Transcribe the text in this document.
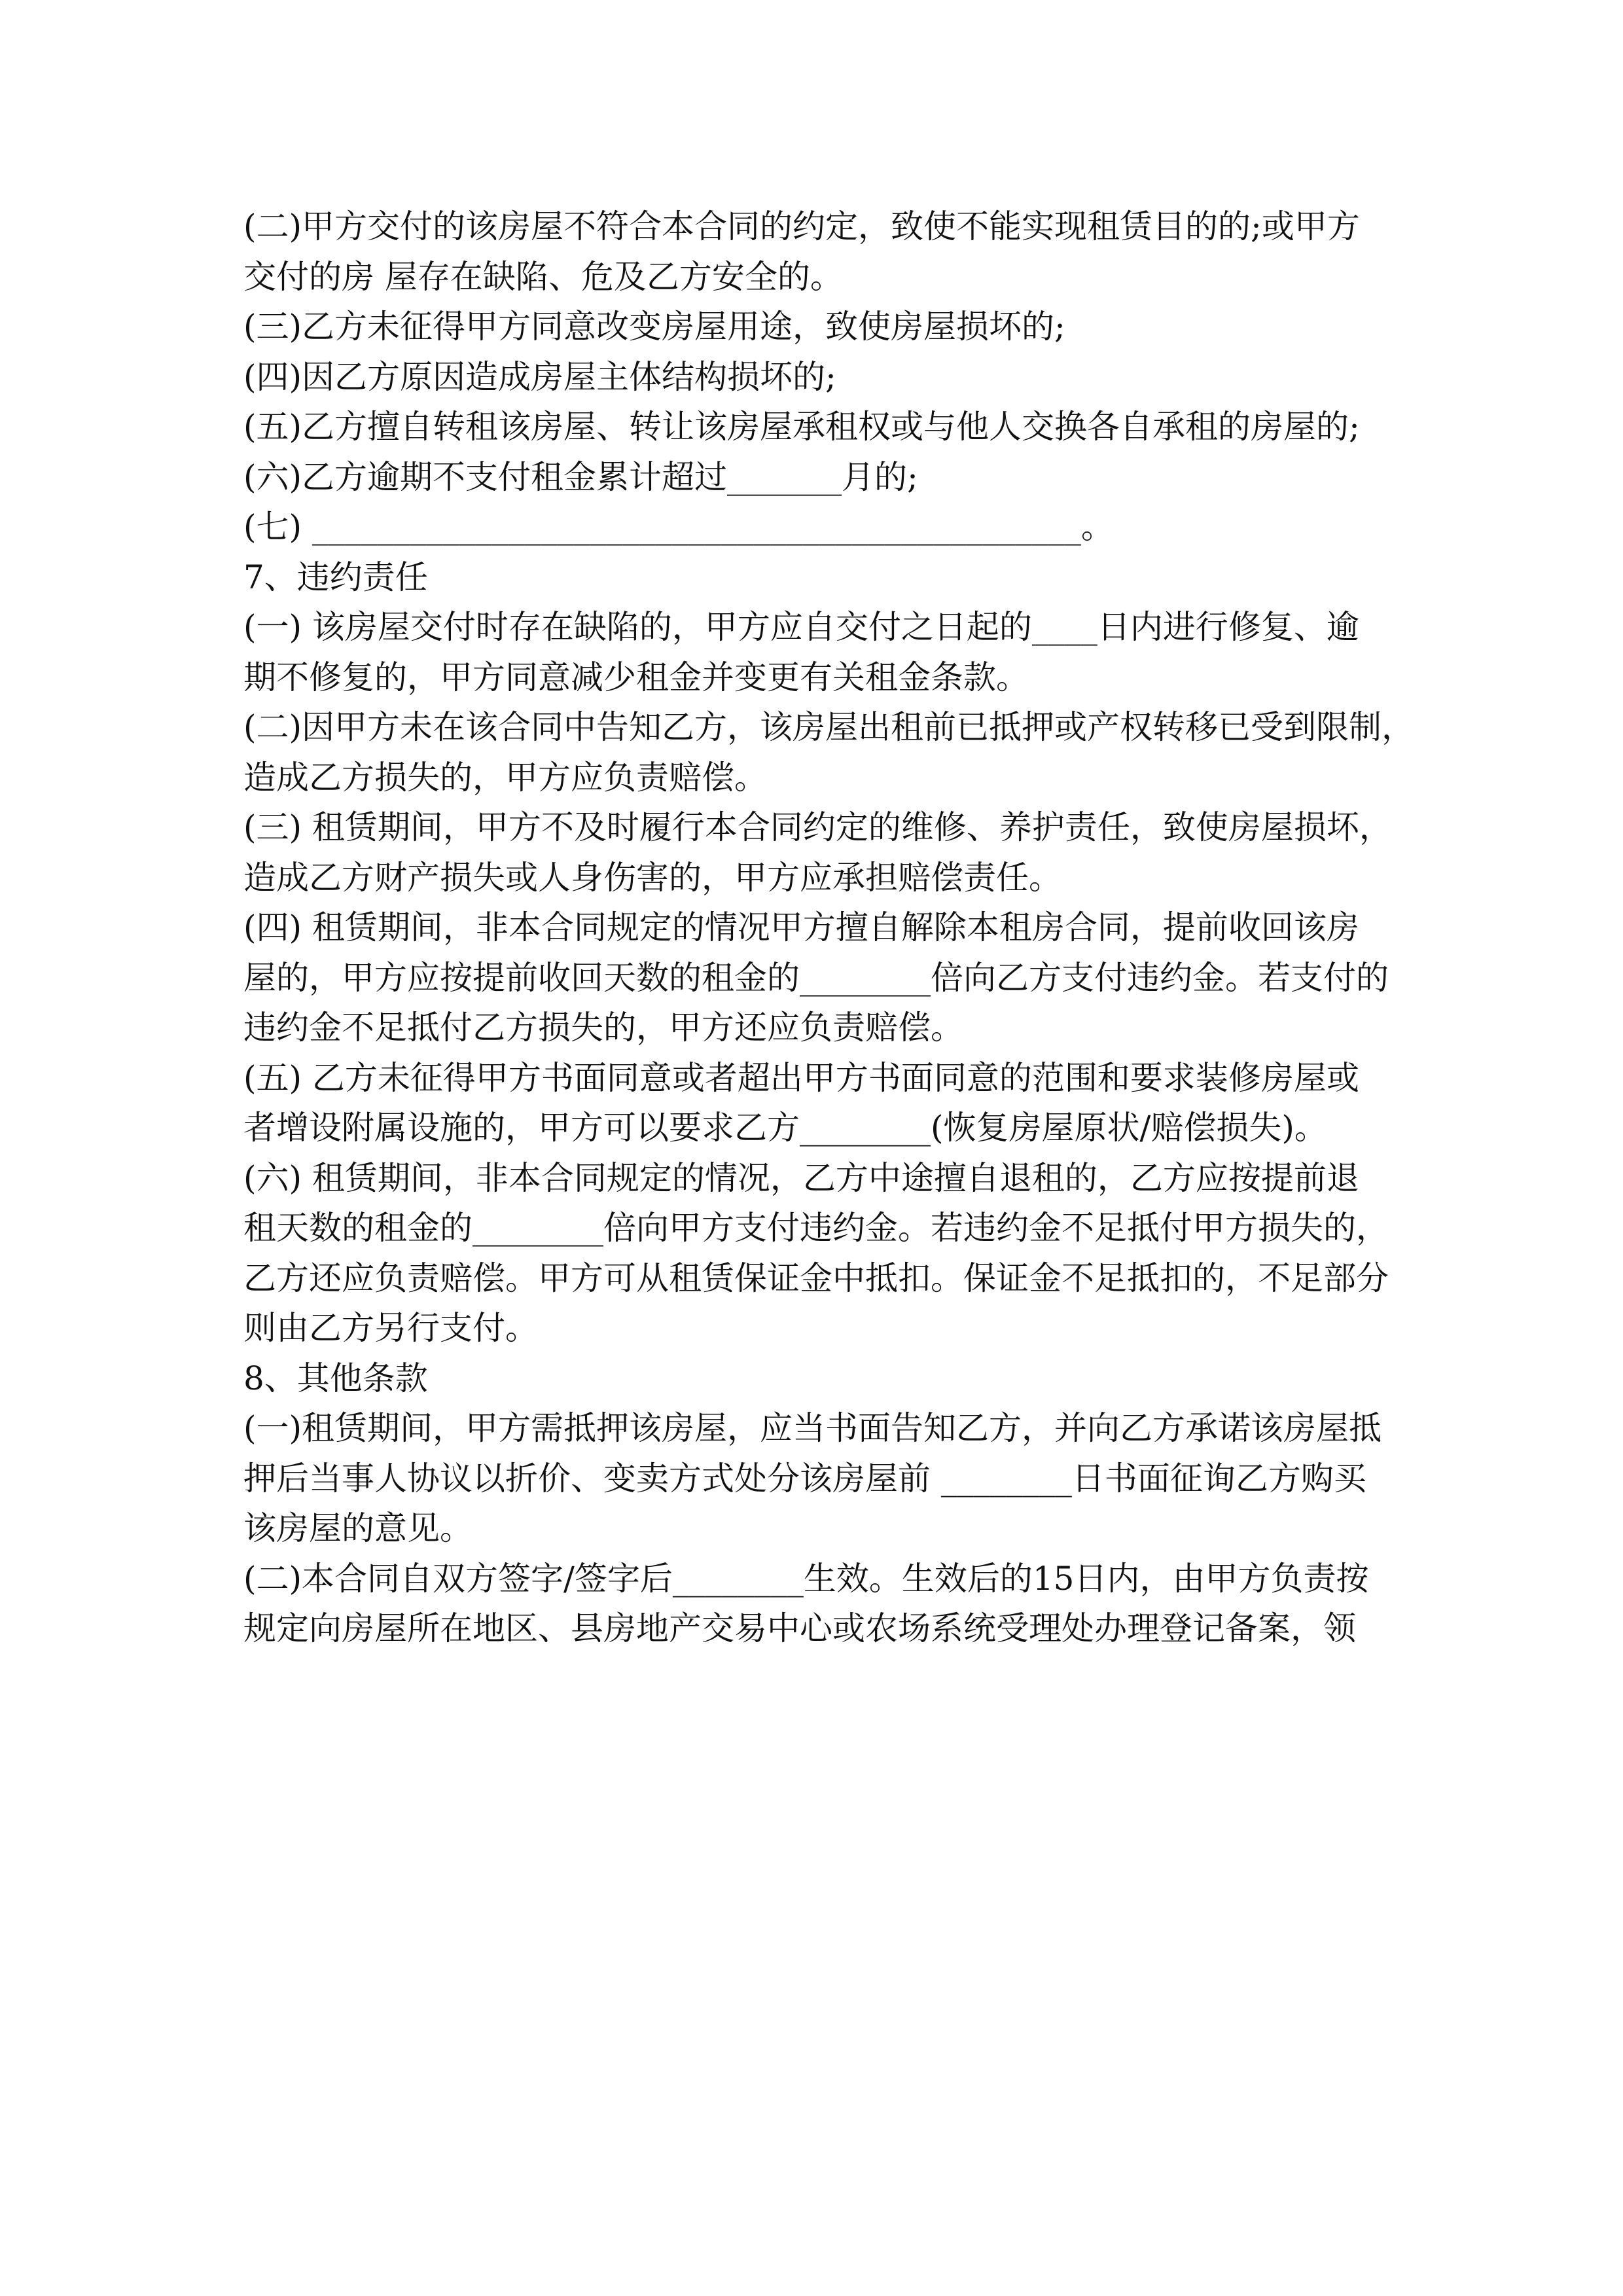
(二)甲方交付的该房屋不符合本合同的约定，致使不能实现租赁目的的;或甲方
交付的房 屋存在缺陷、危及乙方安全的。
(三)乙方未征得甲方同意改变房屋用途，致使房屋损坏的;
(四)因乙方原因造成房屋主体结构损坏的;
(五)乙方擅自转租该房屋、转让该房屋承租权或与他人交换各自承租的房屋的;
(六)乙方逾期不支付租金累计超过_______月的;
(七) _______________________________________________。
7、违约责任
(一) 该房屋交付时存在缺陷的，甲方应自交付之日起的____日内进行修复、逾
期不修复的，甲方同意减少租金并变更有关租金条款。
(二)因甲方未在该合同中告知乙方，该房屋出租前已抵押或产权转移已受到限制，
造成乙方损失的，甲方应负责赔偿。
(三) 租赁期间，甲方不及时履行本合同约定的维修、养护责任，致使房屋损坏，
造成乙方财产损失或人身伤害的，甲方应承担赔偿责任。
(四) 租赁期间，非本合同规定的情况甲方擅自解除本租房合同，提前收回该房
屋的，甲方应按提前收回天数的租金的________倍向乙方支付违约金。若支付的
违约金不足抵付乙方损失的，甲方还应负责赔偿。
(五) 乙方未征得甲方书面同意或者超出甲方书面同意的范围和要求装修房屋或
者增设附属设施的，甲方可以要求乙方________(恢复房屋原状/赔偿损失)。
(六) 租赁期间，非本合同规定的情况，乙方中途擅自退租的，乙方应按提前退
租天数的租金的________倍向甲方支付违约金。若违约金不足抵付甲方损失的，
乙方还应负责赔偿。甲方可从租赁保证金中抵扣。保证金不足抵扣的，不足部分
则由乙方另行支付。
8、其他条款
(一)租赁期间，甲方需抵押该房屋，应当书面告知乙方，并向乙方承诺该房屋抵
押后当事人协议以折价、变卖方式处分该房屋前 ________日书面征询乙方购买
该房屋的意见。
(二)本合同自双方签字/签字后________生效。生效后的15日内，由甲方负责按
规定向房屋所在地区、县房地产交易中心或农场系统受理处办理登记备案，领
